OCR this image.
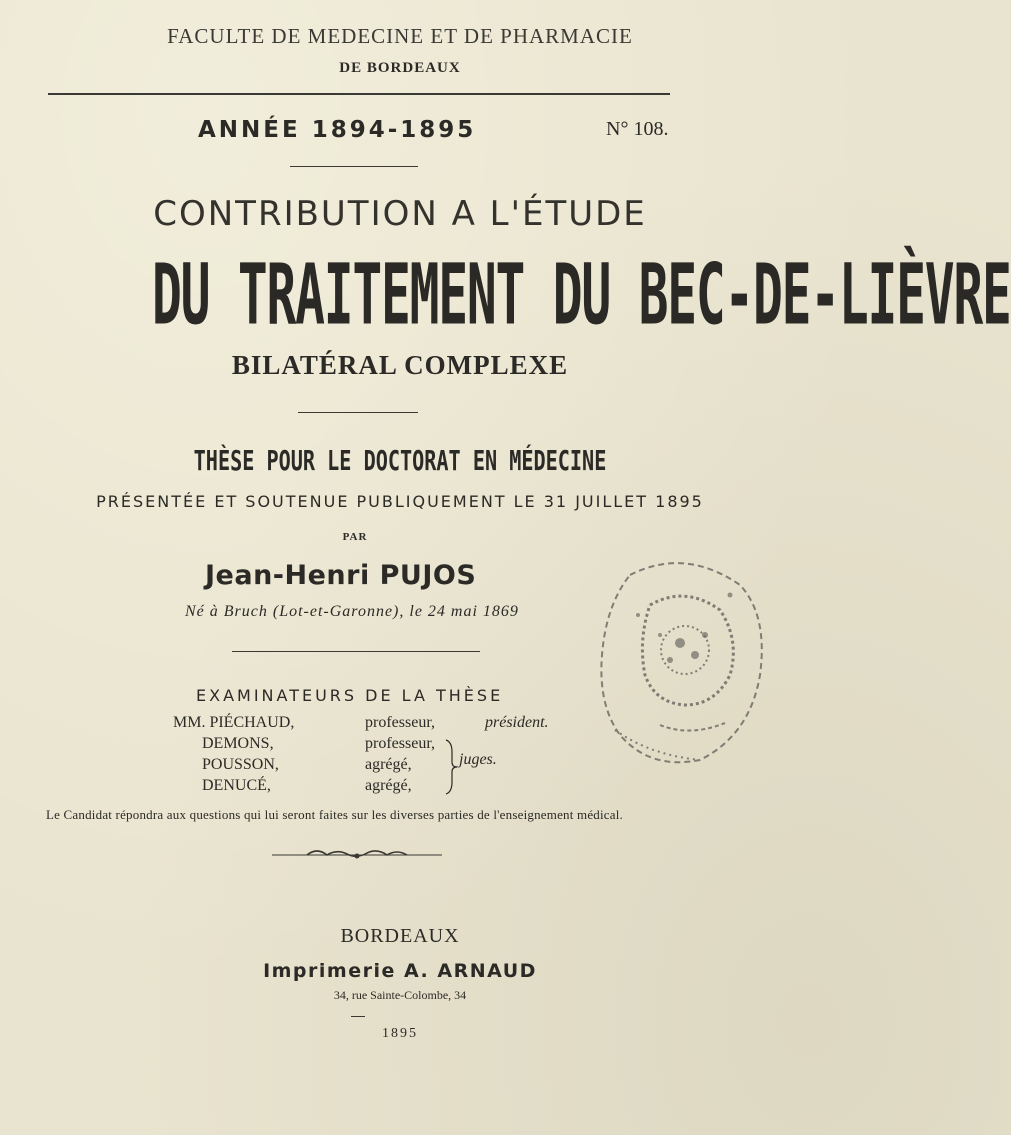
FACULTE DE MEDECINE ET DE PHARMACIE
DE BORDEAUX
ANNÉE 1894-1895	N° 108.
CONTRIBUTION A L'ÉTUDE
DU TRAITEMENT DU BEC-DE-LIÈVRE
BILATÉRAL COMPLEXE
THÈSE POUR LE DOCTORAT EN MÉDECINE
PRÉSENTÉE ET SOUTENUE PUBLIQUEMENT LE 31 JUILLET 1895
PAR
Jean-Henri PUJOS
Né à Bruch (Lot-et-Garonne), le 24 mai 1869
EXAMINATEURS DE LA THÈSE
MM. PIÉCHAUD,	professeur,	président.
DEMONS,	professeur,
POUSSON,	agrégé,
DENUCÉ,	agrégé,
juges.
Le Candidat répondra aux questions qui lui seront faites sur les diverses parties de l'enseignement médical.
BORDEAUX
Imprimerie A. ARNAUD
34, rue Sainte-Colombe, 34
1895
